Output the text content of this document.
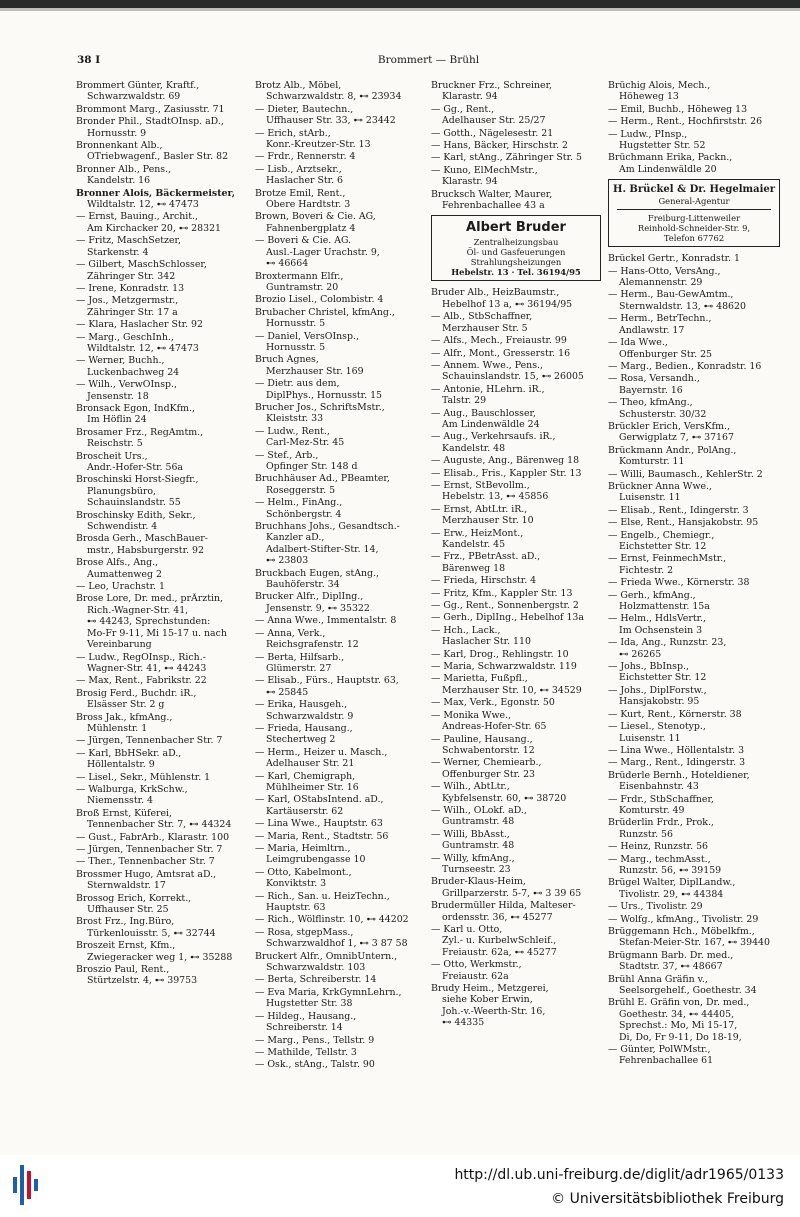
38 I	Brommert — Brühl
Brommert Günter, Kraftf.,
Schwarzwaldstr. 69
Brommont Marg., Zasiusstr. 71
Bronder Phil., StadtOInsp. aD.,
Hornusstr. 9
Bronnenkant Alb.,
OTriebwagenf., Basler Str. 82
Bronner Alb., Pens.,
Kandelstr. 16
Bronner Alois, Bäckermeister,
Wildtalstr. 12, ⊷ 47473
— Ernst, Bauing., Archit.,
Am Kirchacker 20, ⊷ 28321
— Fritz, MaschSetzer,
Starkenstr. 4
— Gilbert, MaschSchlosser,
Zähringer Str. 342
— Irene, Konradstr. 13
— Jos., Metzgermstr.,
Zähringer Str. 17 a
— Klara, Haslacher Str. 92
— Marg., GeschInh.,
Wildtalstr. 12, ⊷ 47473
— Werner, Buchh.,
Luckenbachweg 24
— Wilh., VerwOInsp.,
Jensenstr. 18
Bronsack Egon, IndKfm.,
Im Höflin 24
Brosamer Frz., RegAmtm.,
Reischstr. 5
Broscheit Urs.,
Andr.-Hofer-Str. 56a
Broschinski Horst-Siegfr.,
Planungsbüro,
Schauinslandstr. 55
Broschinsky Edith, Sekr.,
Schwendistr. 4
Brosda Gerh., MaschBauer-
mstr., Habsburgerstr. 92
Brose Alfs., Ang.,
Aumattenweg 2
— Leo, Urachstr. 1
Brose Lore, Dr. med., prÄrztin,
Rich.-Wagner-Str. 41,
⊷ 44243, Sprechstunden:
Mo-Fr 9-11, Mi 15-17 u. nach
Vereinbarung
— Ludw., RegOInsp., Rich.-
Wagner-Str. 41, ⊷ 44243
— Max, Rent., Fabrikstr. 22
Brosig Ferd., Buchdr. iR.,
Elsässer Str. 2 g
Bross Jak., kfmAng.,
Mühlenstr. 1
— Jürgen, Tennenbacher Str. 7
— Karl, BbHSekr. aD.,
Höllentalstr. 9
— Lisel., Sekr., Mühlenstr. 1
— Walburga, KrkSchw.,
Niemensstr. 4
Broß Ernst, Küferei,
Tennenbacher Str. 7, ⊷ 44324
— Gust., FabrArb., Klarastr. 100
— Jürgen, Tennenbacher Str. 7
— Ther., Tennenbacher Str. 7
Brossmer Hugo, Amtsrat aD.,
Sternwaldstr. 17
Brossog Erich, Korrekt.,
Uffhauser Str. 25
Brost Frz., Ing.Büro,
Türkenlouisstr. 5, ⊷ 32744
Broszeit Ernst, Kfm.,
Zwiegeracker weg 1, ⊷ 35288
Broszio Paul, Rent.,
Stürtzelstr. 4, ⊷ 39753
Brotz Alb., Möbel,
Schwarzwaldstr. 8, ⊷ 23934
— Dieter, Bautechn.,
Uffhauser Str. 33, ⊷ 23442
— Erich, stArb.,
Konr.-Kreutzer-Str. 13
— Frdr., Rennerstr. 4
— Lisb., Arztsekr.,
Haslacher Str. 6
Brotze Emil, Rent.,
Obere Hardtstr. 3
Brown, Boveri & Cie. AG,
Fahnenbergplatz 4
— Boveri & Cie. AG.
Ausl.-Lager Urachstr. 9,
⊷ 46664
Broxtermann Elfr.,
Guntramstr. 20
Brozio Lisel., Colombistr. 4
Brubacher Christel, kfmAng.,
Hornusstr. 5
— Daniel, VersOInsp.,
Hornusstr. 5
Bruch Agnes,
Merzhauser Str. 169
— Dietr. aus dem,
DiplPhys., Hornusstr. 15
Brucher Jos., SchriftsMstr.,
Kleiststr. 33
— Ludw., Rent.,
Carl-Mez-Str. 45
— Stef., Arb.,
Opfinger Str. 148 d
Bruchhäuser Ad., PBeamter,
Roseggerstr. 5
— Helm., FinAng.,
Schönbergstr. 4
Bruchhans Johs., Gesandtsch.-
Kanzler aD.,
Adalbert-Stifter-Str. 14,
⊷ 23803
Bruckbach Eugen, stAng.,
Bauhöferstr. 34
Brucker Alfr., DiplIng.,
Jensenstr. 9, ⊷ 35322
— Anna Wwe., Immentalstr. 8
— Anna, Verk.,
Reichsgrafenstr. 12
— Berta, Hilfsarb.,
Glümerstr. 27
— Elisab., Fürs., Hauptstr. 63,
⊷ 25845
— Erika, Hausgeh.,
Schwarzwaldstr. 9
— Frieda, Hausang.,
Stechertweg 2
— Herm., Heizer u. Masch.,
Adelhauser Str. 21
— Karl, Chemigraph,
Mühlheimer Str. 16
— Karl, OStabsIntend. aD.,
Kartäuserstr. 62
— Lina Wwe., Hauptstr. 63
— Maria, Rent., Stadtstr. 56
— Maria, Heimltrn.,
Leimgrubengasse 10
— Otto, Kabelmont.,
Konviktstr. 3
— Rich., San. u. HeizTechn.,
Hauptstr. 63
— Rich., Wölflinstr. 10, ⊷ 44202
— Rosa, stgepMass.,
Schwarzwaldhof 1, ⊷ 3 87 58
Bruckert Alfr., OmnibUntern.,
Schwarzwaldstr. 103
— Berta, Schreiberstr. 14
— Eva Maria, KrkGymnLehrn.,
Hugstetter Str. 38
— Hildeg., Hausang.,
Schreiberstr. 14
— Marg., Pens., Tellstr. 9
— Mathilde, Tellstr. 3
— Osk., stAng., Talstr. 90
Bruckner Frz., Schreiner,
Klarastr. 94
— Gg., Rent.,
Adelhauser Str. 25/27
— Gotth., Nägelesestr. 21
— Hans, Bäcker, Hirschstr. 2
— Karl, stAng., Zähringer Str. 5
— Kuno, ElMechMstr.,
Klarastr. 94
Brucksch Walter, Maurer,
Fehrenbachallee 43 a
Albert Bruder
Zentralheizungsbau
Öl- und Gasfeuerungen
Strahlungsheizungen
Hebelstr. 13 · Tel. 36194/95
Bruder Alb., HeizBaumstr.,
Hebelhof 13 a, ⊷ 36194/95
— Alb., StbSchaffner,
Merzhauser Str. 5
— Alfs., Mech., Freiaustr. 99
— Alfr., Mont., Gresserstr. 16
— Annem. Wwe., Pens.,
Schauinslandstr. 15, ⊷ 26005
— Antonie, HLehrn. iR.,
Talstr. 29
— Aug., Bauschlosser,
Am Lindenwäldle 24
— Aug., Verkehrsaufs. iR.,
Kandelstr. 48
— Auguste, Ang., Bärenweg 18
— Elisab., Fris., Kappler Str. 13
— Ernst, StBevollm.,
Hebelstr. 13, ⊷ 45856
— Ernst, AbtLtr. iR.,
Merzhauser Str. 10
— Erw., HeizMont.,
Kandelstr. 45
— Frz., PBetrAsst. aD.,
Bärenweg 18
— Frieda, Hirschstr. 4
— Fritz, Kfm., Kappler Str. 13
— Gg., Rent., Sonnenbergstr. 2
— Gerh., DiplIng., Hebelhof 13a
— Hch., Lack.,
Haslacher Str. 110
— Karl, Drog., Rehlingstr. 10
— Maria, Schwarzwaldstr. 119
— Marietta, Fußpfl.,
Merzhauser Str. 10, ⊷ 34529
— Max, Verk., Egonstr. 50
— Monika Wwe.,
Andreas-Hofer-Str. 65
— Pauline, Hausang.,
Schwabentorstr. 12
— Werner, Chemiearb.,
Offenburger Str. 23
— Wilh., AbtLtr.,
Kybfelsenstr. 60, ⊷ 38720
— Wilh., OLokf. aD.,
Guntramstr. 48
— Willi, BbAsst.,
Guntramstr. 48
— Willy, kfmAng.,
Turnseestr. 23
Bruder-Klaus-Heim,
Grillparzerstr. 5-7, ⊷ 3 39 65
Brudermüller Hilda, Malteser-
ordensstr. 36, ⊷ 45277
— Karl u. Otto,
Zyl.- u. KurbelwSchleif.,
Freiaustr. 62a, ⊷ 45277
— Otto, Werkmstr.,
Freiaustr. 62a
Brudy Heim., Metzgerei,
siehe Kober Erwin,
Joh.-v.-Weerth-Str. 16,
⊷ 44335
Brüchig Alois, Mech.,
Höheweg 13
— Emil, Buchb., Höheweg 13
— Herm., Rent., Hochfirststr. 26
— Ludw., PInsp.,
Hugstetter Str. 52
Brüchmann Erika, Packn.,
Am Lindenwäldle 20
H. Brückel & Dr. Hegelmaier
General-Agentur
Freiburg-Littenweiler
Reinhold-Schneider-Str. 9,
Telefon 67762
Brückel Gertr., Konradstr. 1
— Hans-Otto, VersAng.,
Alemannenstr. 29
— Herm., Bau-GewAmtm.,
Sternwaldstr. 13, ⊷ 48620
— Herm., BetrTechn.,
Andlawstr. 17
— Ida Wwe.,
Offenburger Str. 25
— Marg., Bedien., Konradstr. 16
— Rosa, Versandh.,
Bayernstr. 16
— Theo, kfmAng.,
Schusterstr. 30/32
Brückler Erich, VersKfm.,
Gerwigplatz 7, ⊷ 37167
Brückmann Andr., PolAng.,
Komturstr. 11
— Willi, Baumasch., KehlerStr. 2
Brückner Anna Wwe.,
Luisenstr. 11
— Elisab., Rent., Idingerstr. 3
— Else, Rent., Hansjakobstr. 95
— Engelb., Chemiegr.,
Eichstetter Str. 12
— Ernst, FeinmechMstr.,
Fichtestr. 2
— Frieda Wwe., Körnerstr. 38
— Gerh., kfmAng.,
Holzmattenstr. 15a
— Helm., HdlsVertr.,
Im Ochsenstein 3
— Ida, Ang., Runzstr. 23,
⊷ 26265
— Johs., BbInsp.,
Eichstetter Str. 12
— Johs., DiplForstw.,
Hansjakobstr. 95
— Kurt, Rent., Körnerstr. 38
— Liesel., Stenotyp.,
Luisenstr. 11
— Lina Wwe., Höllentalstr. 3
— Marg., Rent., Idingerstr. 3
Brüderle Bernh., Hoteldiener,
Eisenbahnstr. 43
— Frdr., StbSchaffner,
Komturstr. 49
Brüderlin Frdr., Prok.,
Runzstr. 56
— Heinz, Runzstr. 56
— Marg., techmAsst.,
Runzstr. 56, ⊷ 39159
Brügel Walter, DiplLandw.,
Tivolistr. 29, ⊷ 44384
— Urs., Tivolistr. 29
— Wolfg., kfmAng., Tivolistr. 29
Brüggemann Hch., Möbelkfm.,
Stefan-Meier-Str. 167, ⊷ 39440
Brügmann Barb. Dr. med.,
Stadtstr. 37, ⊷ 48667
Brühl Anna Gräfin v.,
Seelsorgehelf., Goethestr. 34
Brühl E. Gräfin von, Dr. med.,
Goethestr. 34, ⊷ 44405,
Sprechst.: Mo, Mi 15-17,
Di, Do, Fr 9-11, Do 18-19,
— Günter, PolWMstr.,
Fehrenbachallee 61
http://dl.ub.uni-freiburg.de/diglit/adr1965/0133
© Universitätsbibliothek Freiburg
